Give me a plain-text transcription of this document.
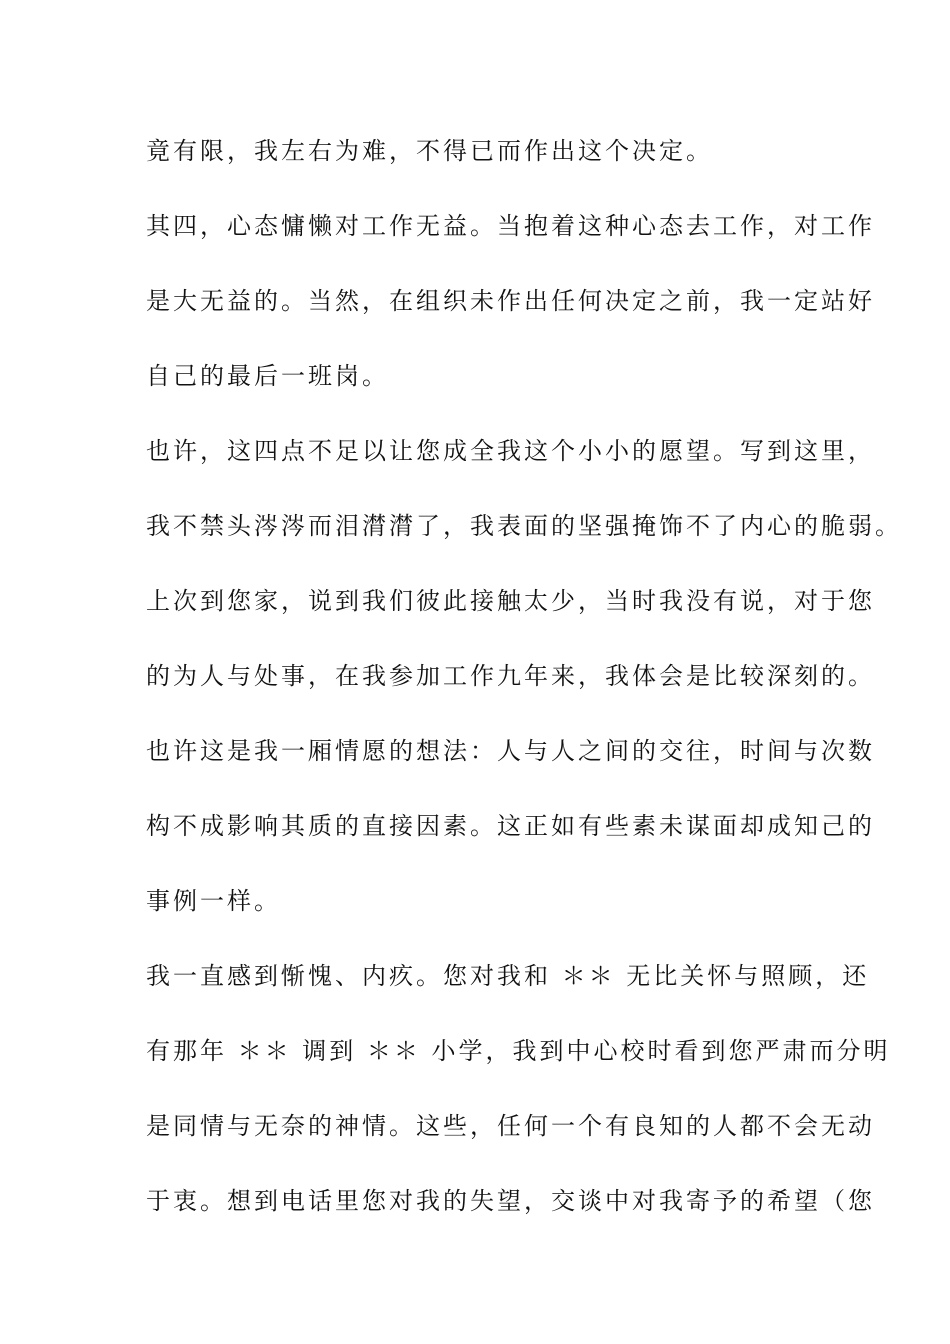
竟有限，我左右为难，不得已而作出这个决定。

其四，心态慵懒对工作无益。当抱着这种心态去工作，对工作

是大无益的。当然，在组织未作出任何决定之前，我一定站好

自己的最后一班岗。

也许，这四点不足以让您成全我这个小小的愿望。写到这里，

我不禁头涔涔而泪潸潸了，我表面的坚强掩饰不了内心的脆弱。

上次到您家，说到我们彼此接触太少，当时我没有说，对于您

的为人与处事，在我参加工作九年来，我体会是比较深刻的。

也许这是我一厢情愿的想法：人与人之间的交往，时间与次数

构不成影响其质的直接因素。这正如有些素未谋面却成知己的

事例一样。

我一直感到惭愧、内疚。您对我和 ＊＊ 无比关怀与照顾，还

有那年 ＊＊ 调到 ＊＊ 小学，我到中心校时看到您严肃而分明

是同情与无奈的神情。这些，任何一个有良知的人都不会无动

于衷。想到电话里您对我的失望，交谈中对我寄予的希望（您
